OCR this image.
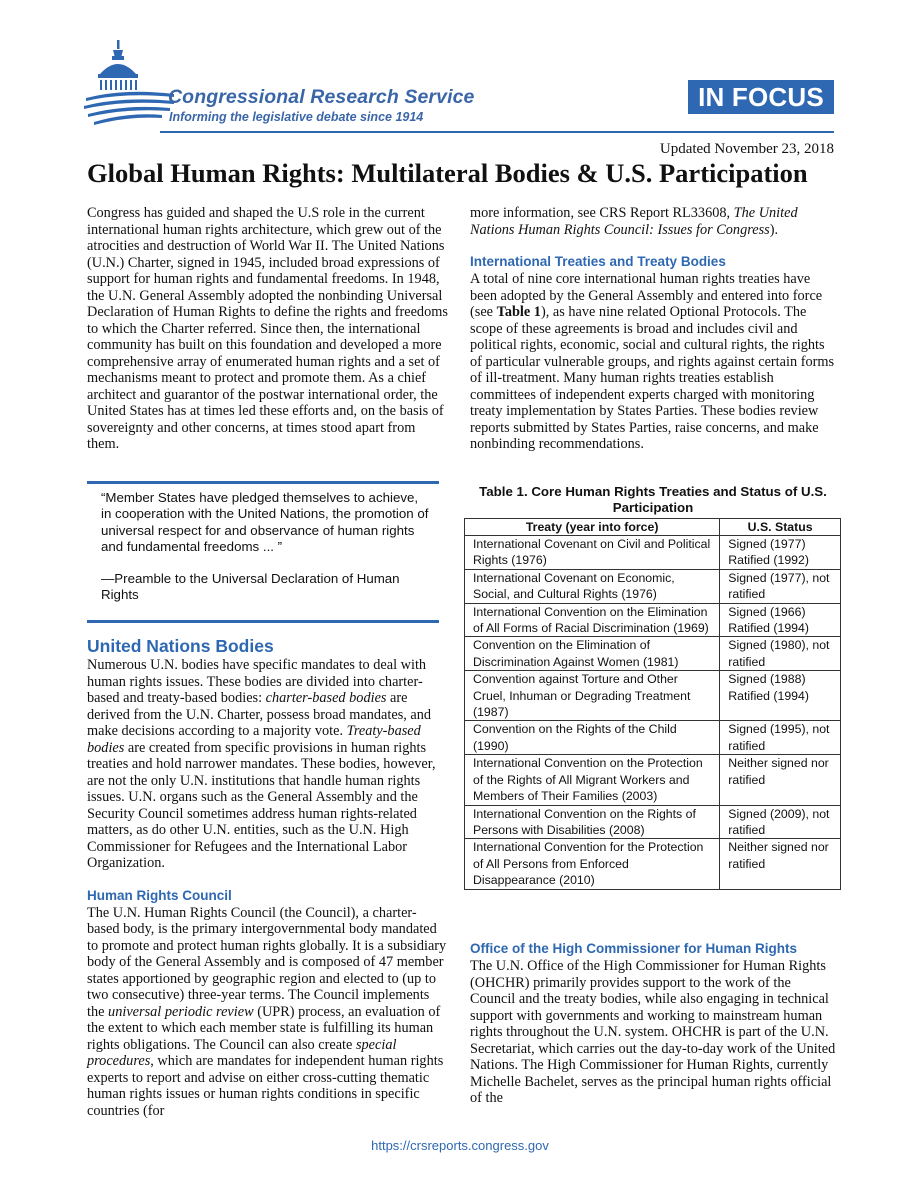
Congressional Research Service
Informing the legislative debate since 1914
IN FOCUS
Updated November 23, 2018
Global Human Rights: Multilateral Bodies & U.S. Participation

Congress has guided and shaped the U.S role in the current international human rights architecture, which grew out of the atrocities and destruction of World War II. The United Nations (U.N.) Charter, signed in 1945, included broad expressions of support for human rights and fundamental freedoms. In 1948, the U.N. General Assembly adopted the nonbinding Universal Declaration of Human Rights to define the rights and freedoms to which the Charter referred. Since then, the international community has built on this foundation and developed a more comprehensive array of enumerated human rights and a set of mechanisms meant to protect and promote them. As a chief architect and guarantor of the postwar international order, the United States has at times led these efforts and, on the basis of sovereignty and other concerns, at times stood apart from them.

“Member States have pledged themselves to achieve, in cooperation with the United Nations, the promotion of universal respect for and observance of human rights and fundamental freedoms ... ”

—Preamble to the Universal Declaration of Human Rights

United Nations Bodies

Numerous U.N. bodies have specific mandates to deal with human rights issues. These bodies are divided into charter-based and treaty-based bodies: charter-based bodies are derived from the U.N. Charter, possess broad mandates, and make decisions according to a majority vote. Treaty-based bodies are created from specific provisions in human rights treaties and hold narrower mandates. These bodies, however, are not the only U.N. institutions that handle human rights issues. U.N. organs such as the General Assembly and the Security Council sometimes address human rights-related matters, as do other U.N. entities, such as the U.N. High Commissioner for Refugees and the International Labor Organization.

Human Rights Council

The U.N. Human Rights Council (the Council), a charter-based body, is the primary intergovernmental body mandated to promote and protect human rights globally. It is a subsidiary body of the General Assembly and is composed of 47 member states apportioned by geographic region and elected to (up to two consecutive) three-year terms. The Council implements the universal periodic review (UPR) process, an evaluation of the extent to which each member state is fulfilling its human rights obligations. The Council can also create special procedures, which are mandates for independent human rights experts to report and advise on either cross-cutting thematic human rights issues or human rights conditions in specific countries (for

more information, see CRS Report RL33608, The United Nations Human Rights Council: Issues for Congress).

International Treaties and Treaty Bodies

A total of nine core international human rights treaties have been adopted by the General Assembly and entered into force (see Table 1), as have nine related Optional Protocols. The scope of these agreements is broad and includes civil and political rights, economic, social and cultural rights, the rights of particular vulnerable groups, and rights against certain forms of ill-treatment. Many human rights treaties establish committees of independent experts charged with monitoring treaty implementation by States Parties. These bodies review reports submitted by States Parties, raise concerns, and make nonbinding recommendations.

Table 1. Core Human Rights Treaties and Status of U.S. Participation
Treaty (year into force)	U.S. Status
International Covenant on Civil and Political Rights (1976)	Signed (1977) Ratified (1992)
International Covenant on Economic, Social, and Cultural Rights (1976)	Signed (1977), not ratified
International Convention on the Elimination of All Forms of Racial Discrimination (1969)	Signed (1966) Ratified (1994)
Convention on the Elimination of Discrimination Against Women (1981)	Signed (1980), not ratified
Convention against Torture and Other Cruel, Inhuman or Degrading Treatment (1987)	Signed (1988) Ratified (1994)
Convention on the Rights of the Child (1990)	Signed (1995), not ratified
International Convention on the Protection of the Rights of All Migrant Workers and Members of Their Families (2003)	Neither signed nor ratified
International Convention on the Rights of Persons with Disabilities (2008)	Signed (2009), not ratified
International Convention for the Protection of All Persons from Enforced Disappearance (2010)	Neither signed nor ratified
Office of the High Commissioner for Human Rights

The U.N. Office of the High Commissioner for Human Rights (OHCHR) primarily provides support to the work of the Council and the treaty bodies, while also engaging in technical support with governments and working to mainstream human rights throughout the U.N. system. OHCHR is part of the U.N. Secretariat, which carries out the day-to-day work of the United Nations. The High Commissioner for Human Rights, currently Michelle Bachelet, serves as the principal human rights official of the

https://crsreports.congress.gov
